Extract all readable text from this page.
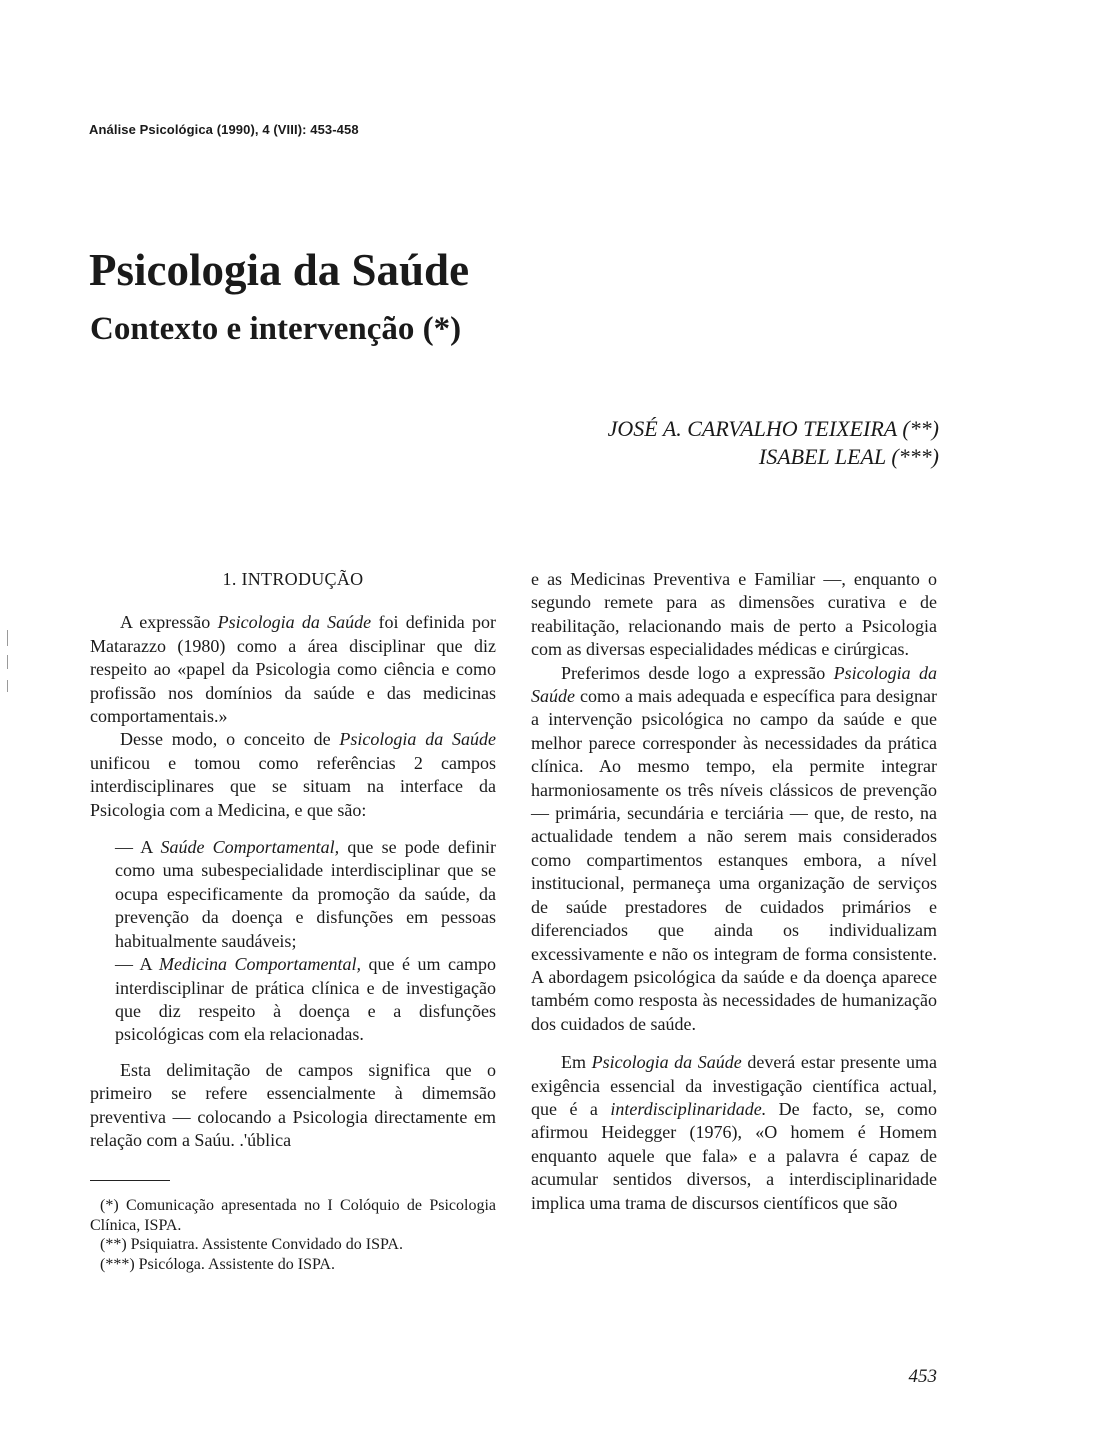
Análise Psicológica (1990), 4 (VIII): 453-458
Psicologia da Saúde
Contexto e intervenção (*)
JOSÉ A. CARVALHO TEIXEIRA (**)
ISABEL LEAL (***)
1. INTRODUÇÃO

A expressão Psicologia da Saúde foi definida por Matarazzo (1980) como a área disciplinar que diz respeito ao «papel da Psicologia como ciência e como profissão nos domínios da saúde e das medicinas comportamentais.»

Desse modo, o conceito de Psicologia da Saúde unificou e tomou como referências 2 campos interdisciplinares que se situam na interface da Psicologia com a Medicina, e que são:

— A Saúde Comportamental, que se pode definir como uma subespecialidade interdisciplinar que se ocupa especificamente da promoção da saúde, da prevenção da doença e disfunções em pessoas habitualmente saudáveis;

— A Medicina Comportamental, que é um campo interdisciplinar de prática clínica e de investigação que diz respeito à doença e a disfunções psicológicas com ela relacionadas.

Esta delimitação de campos significa que o primeiro se refere essencialmente à dimemsão preventiva — colocando a Psicologia directamente em relação com a Saúu. .'ública

(*) Comunicação apresentada no I Colóquio de Psicologia Clínica, ISPA.

(**) Psiquiatra. Assistente Convidado do ISPA.

(***) Psicóloga. Assistente do ISPA.

e as Medicinas Preventiva e Familiar —, enquanto o segundo remete para as dimensões curativa e de reabilitação, relacionando mais de perto a Psicologia com as diversas especialidades médicas e cirúrgicas.

Preferimos desde logo a expressão Psicologia da Saúde como a mais adequada e específica para designar a intervenção psicológica no campo da saúde e que melhor parece corresponder às necessidades da prática clínica. Ao mesmo tempo, ela permite integrar harmoniosamente os três níveis clássicos de prevenção — primária, secundária e terciária — que, de resto, na actualidade tendem a não serem mais considerados como compartimentos estanques embora, a nível institucional, permaneça uma organização de serviços de saúde prestadores de cuidados primários e diferenciados que ainda os individualizam excessivamente e não os integram de forma consistente. A abordagem psicológica da saúde e da doença aparece também como resposta às necessidades de humanização dos cuidados de saúde.

Em Psicologia da Saúde deverá estar presente uma exigência essencial da investigação científica actual, que é a interdisciplinaridade. De facto, se, como afirmou Heidegger (1976), «O homem é Homem enquanto aquele que fala» e a palavra é capaz de acumular sentidos diversos, a interdisciplinaridade implica uma trama de discursos científicos que são

453
